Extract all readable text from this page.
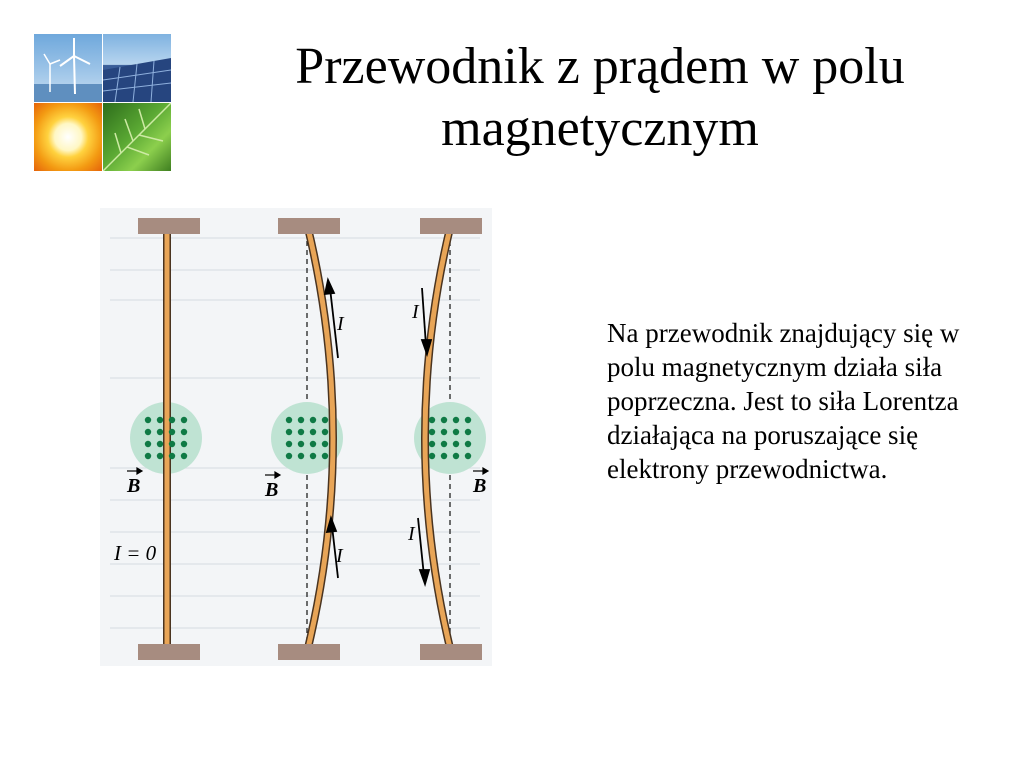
Przewodnik z prądem w polu magnetycznym
B	B	B
I = 0
I
I
I
I

Na przewodnik znajdujący się w polu magnetycznym działa siła poprzeczna. Jest to siła Lorentza działająca na poruszające się elektrony przewodnictwa.
